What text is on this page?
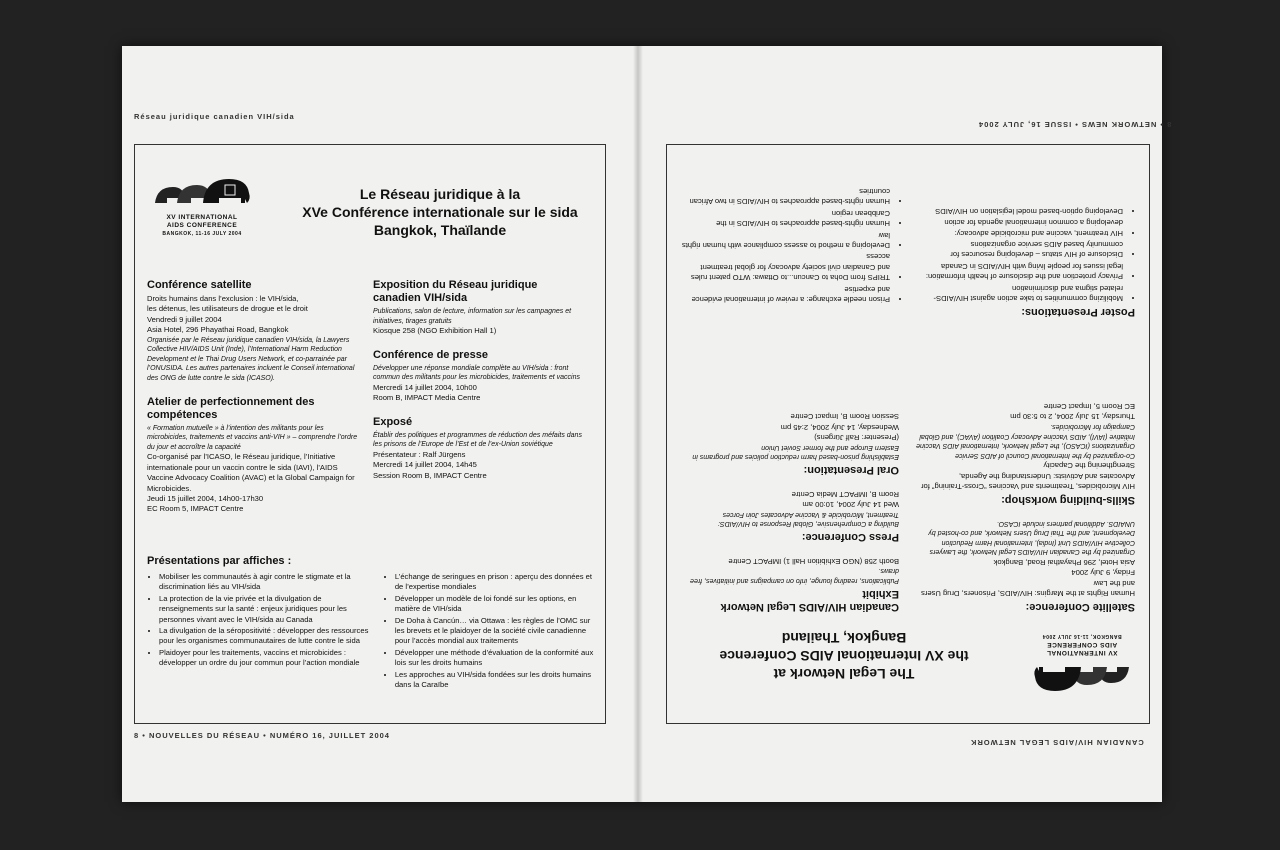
Réseau juridique canadien VIH/sida
8 • NOUVELLES DU RÉSEAU • NUMÉRO 16, JUILLET 2004
XV INTERNATIONAL
AIDS CONFERENCE
BANGKOK, 11-16 JULY 2004
Le Réseau juridique à la
XVe Conférence internationale sur le sida
Bangkok, Thaïlande
Conférence satellite
Droits humains dans l’exclusion : le VIH/sida,
les détenus, les utilisateurs de drogue et le droit
Vendredi 9 juillet 2004
Asia Hotel, 296 Phayathai Road, Bangkok
Organisée par le Réseau juridique canadien VIH/sida, la Lawyers Collective HIV/AIDS Unit (Inde), l’International Harm Reduction Development et le Thai Drug Users Network, et co-parrainée par l’ONUSIDA. Les autres partenaires incluent le Conseil international des ONG de lutte contre le sida (ICASO).
Atelier de perfectionnement des compétences
« Formation mutuelle » à l’intention des militants pour les microbicides, traitements et vaccins anti-VIH » – comprendre l’ordre du jour et accroître la capacité
Co-organisé par l’ICASO, le Réseau juridique, l’Initiative internationale pour un vaccin contre le sida (IAVI), l’AIDS Vaccine Advocacy Coalition (AVAC) et la Global Campaign for Microbicides.
Jeudi 15 juillet 2004, 14h00-17h30
EC Room 5, IMPACT Centre
Exposition du Réseau juridique canadien VIH/sida
Publications, salon de lecture, information sur les campagnes et initiatives, tirages gratuits
Kiosque 258 (NGO Exhibition Hall 1)
Conférence de presse
Développer une réponse mondiale complète au VIH/sida : front commun des militants pour les microbicides, traitements et vaccins
Mercredi 14 juillet 2004, 10h00
Room B, IMPACT Media Centre
Exposé
Établir des politiques et programmes de réduction des méfaits dans les prisons de l’Europe de l’Est et de l’ex-Union soviétique
Présentateur : Ralf Jürgens
Mercredi 14 juillet 2004, 14h45
Session Room B, IMPACT Centre
Présentations par affiches :
• Mobiliser les communautés à agir contre le stigmate et la discrimination liés au VIH/sida
• La protection de la vie privée et la divulgation de renseignements sur la santé : enjeux juridiques pour les personnes vivant avec le VIH/sida au Canada
• La divulgation de la séropositivité : développer des ressources pour les organismes communautaires de lutte contre le sida
• Plaidoyer pour les traitements, vaccins et microbicides : développer un ordre du jour commun pour l’action mondiale
• L’échange de seringues en prison : aperçu des données et de l’expertise mondiales
• Développer un modèle de loi fondé sur les options, en matière de VIH/sida
• De Doha à Cancún… via Ottawa : les règles de l’OMC sur les brevets et le plaidoyer de la société civile canadienne pour l’accès mondial aux traitements
• Développer une méthode d’évaluation de la conformité aux lois sur les droits humains
• Les approches au VIH/sida fondées sur les droits humains dans la Caraïbe
8 • NETWORK NEWS • ISSUE 16, JULY 2004
CANADIAN HIV/AIDS LEGAL NETWORK
XV INTERNATIONAL
AIDS CONFERENCE
BANGKOK, 11-16 JULY 2004
The Legal Network at
the XV International AIDS Conference
Bangkok, Thailand
Satellite Conference:
Human Rights at the Margins: HIV/AIDS, Prisoners, Drug Users and the Law
Friday, 9 July 2004
Asia Hotel, 296 Phayathai Road, Bangkok
Organized by the Canadian HIV/AIDS Legal Network, the Lawyers Collective HIV/AIDS Unit (India), International Harm Reduction Development, and the Thai Drug Users Network, and co-hosted by UNAIDS. Additional partners include ICASO.
Skills-building workshop:
HIV Microbicides, Treatments and Vaccines “Cross-Training” for Advocates and Activists: Understanding the Agenda, Strengthening the Capacity
Co-organized by the International Council of AIDS Service Organizations (ICASO), the Legal Network, International AIDS Vaccine Initiative (IAVI), AIDS Vaccine Advocacy Coalition (AVAC), and Global Campaign for Microbicides.
Thursday, 15 July 2004, 2 to 5:30 pm
EC Room 5, Impact Centre
Canadian HIV/AIDS Legal Network Exhibit
Publications, reading lounge, info on campaigns and initiatives, free draws.
Booth 258 (NGO Exhibition Hall 1) IMPACT Centre
Press Conference:
Building a Comprehensive, Global Response to HIV/AIDS: Treatment, Microbicide & Vaccine Advocates Join Forces
Wed 14 July 2004, 10:00 am
Room B, IMPACT Media Centre
Oral Presentation:
Establishing prison-based harm reduction policies and programs in Eastern Europe and the former Soviet Union
(Presenter: Ralf Jürgens)
Wednesday, 14 July 2004, 2:45 pm
Session Room B, Impact Centre
Poster Presentations:
• Mobilizing communities to take action against HIV/AIDS-related stigma and discrimination
• Privacy protection and the disclosure of health information: legal issues for people living with HIV/AIDS in Canada
• Disclosure of HIV status – developing resources for community based AIDS service organizations
• HIV treatment, vaccine and microbicide advocacy: developing a common international agenda for action
• Developing option-based model legislation on HIV/AIDS
• Prison needle exchange: a review of international evidence and expertise
• TRIPS from Doha to Cancun...to Ottawa: WTO patent rules and Canadian civil society advocacy for global treatment access
• Developing a method to assess compliance with human rights law
• Human rights-based approaches to HIV/AIDS in the Caribbean region
• Human rights-based approaches to HIV/AIDS in two African countries
